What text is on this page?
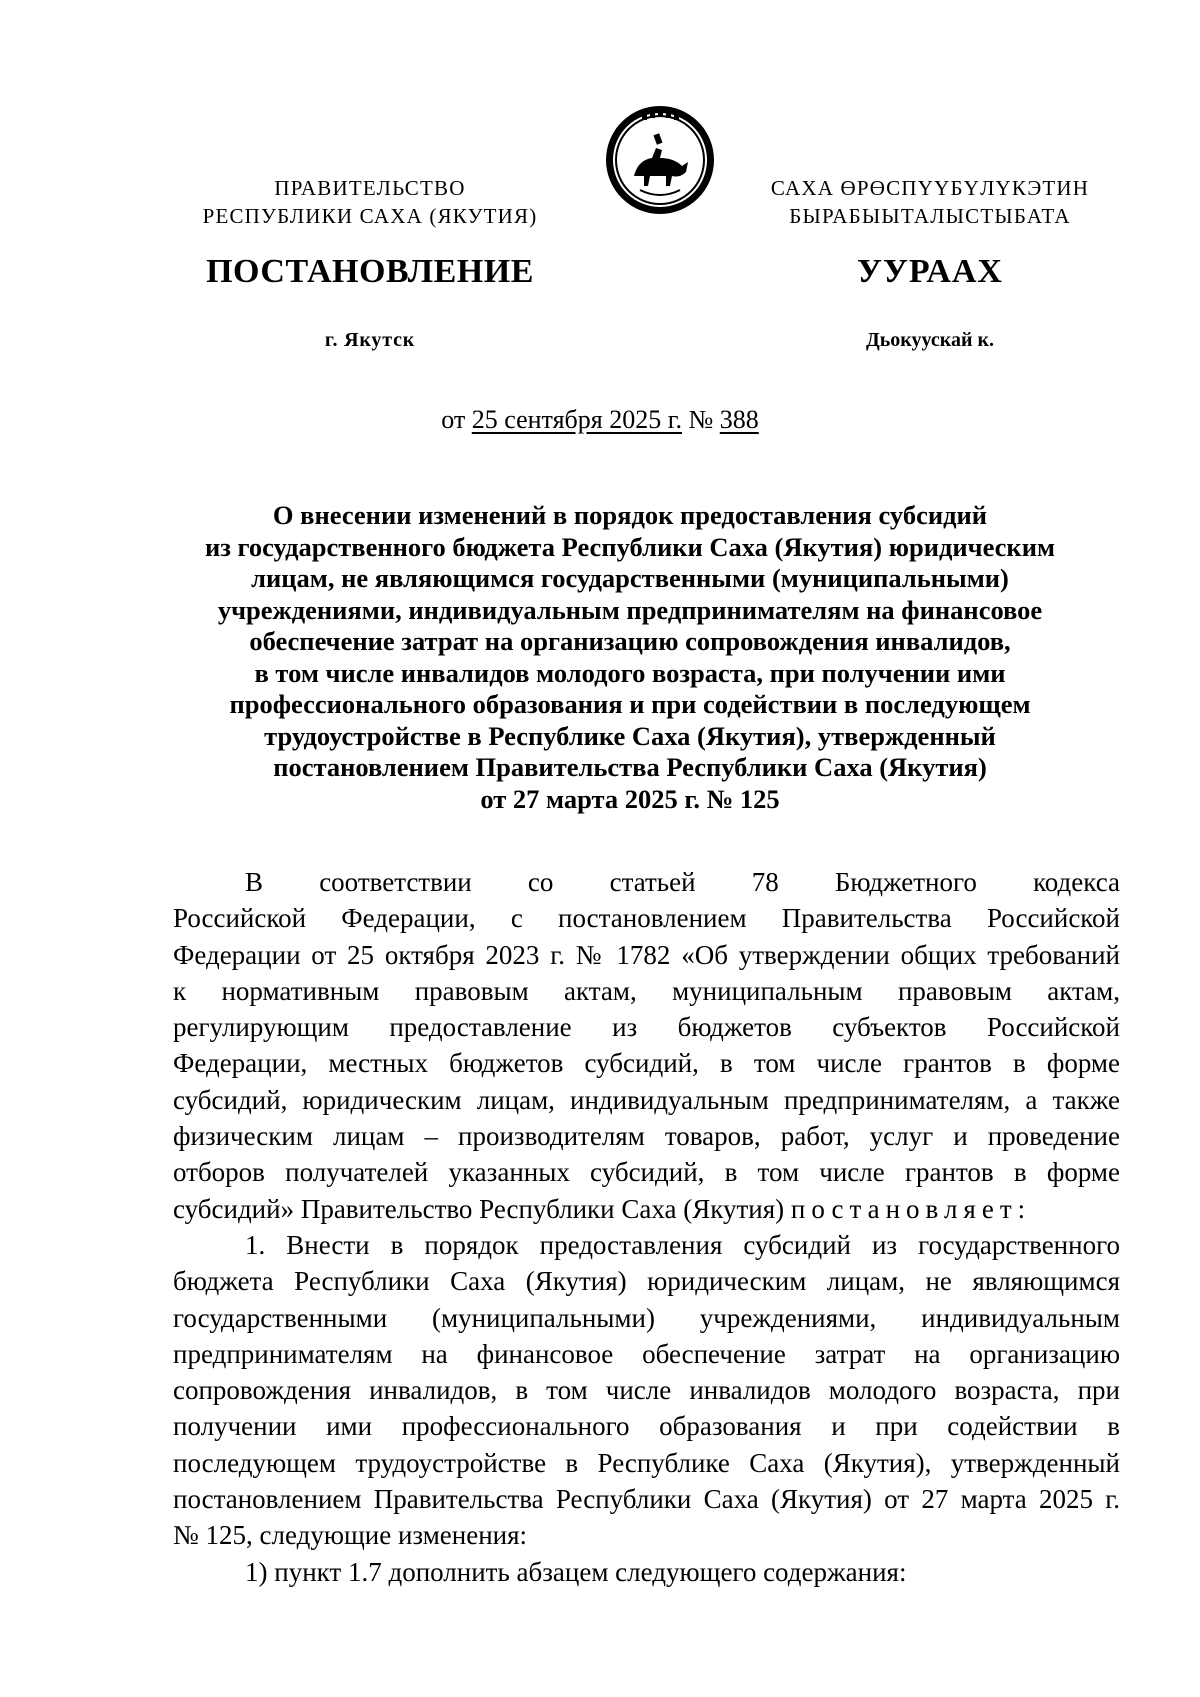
ПРАВИТЕЛЬСТВО
РЕСПУБЛИКИ САХА (ЯКУТИЯ)
САХА ӨРӨСПҮҮБҮЛҮКЭТИН
БЫРАБЫЫТАЛЫСТЫБАТА
ПОСТАНОВЛЕНИЕ	УУРААХ
г. Якутск	Дьокуускай к.
от 25 сентября 2025 г. № 388
О внесении изменений в порядок предоставления субсидий
из государственного бюджета Республики Саха (Якутия) юридическим
лицам, не являющимся государственными (муниципальными)
учреждениями, индивидуальным предпринимателям на финансовое
обеспечение затрат на организацию сопровождения инвалидов,
в том числе инвалидов молодого возраста, при получении ими
профессионального образования и при содействии в последующем
трудоустройстве в Республике Саха (Якутия), утвержденный
постановлением Правительства Республики Саха (Якутия)
от 27 марта 2025 г. № 125
В соответствии со статьей 78 Бюджетного кодекса
Российской Федерации, с постановлением Правительства Российской
Федерации от 25 октября 2023 г. № 1782 «Об утверждении общих требований
к нормативным правовым актам, муниципальным правовым актам,
регулирующим предоставление из бюджетов субъектов Российской
Федерации, местных бюджетов субсидий, в том числе грантов в форме
субсидий, юридическим лицам, индивидуальным предпринимателям, а также
физическим лицам – производителям товаров, работ, услуг и проведение
отборов получателей указанных субсидий, в том числе грантов в форме
субсидий» Правительство Республики Саха (Якутия) постановляет:
1. Внести в порядок предоставления субсидий из государственного
бюджета Республики Саха (Якутия) юридическим лицам, не являющимся
государственными (муниципальными) учреждениями, индивидуальным
предпринимателям на финансовое обеспечение затрат на организацию
сопровождения инвалидов, в том числе инвалидов молодого возраста, при
получении ими профессионального образования и при содействии в
последующем трудоустройстве в Республике Саха (Якутия), утвержденный
постановлением Правительства Республики Саха (Якутия) от 27 марта 2025 г.
№ 125, следующие изменения:
1) пункт 1.7 дополнить абзацем следующего содержания:
